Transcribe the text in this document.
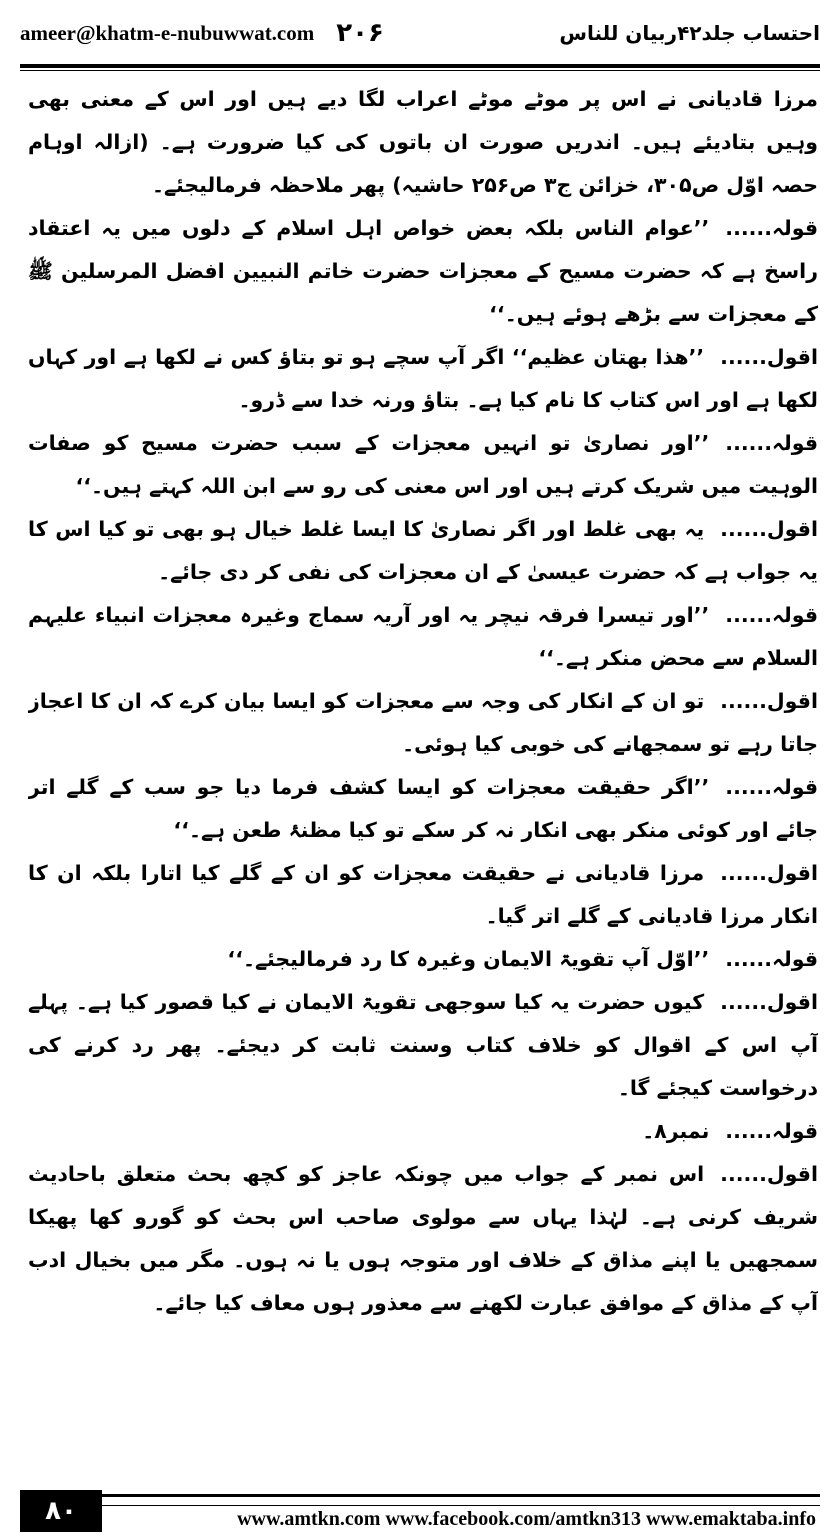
ameer@khatm-e-nubuwwat.com ۲۰۶	احتساب جلد۴۲ربیان للناس

مرزا قادیانی نے اس پر موٹے موٹے اعراب لگا دیے ہیں اور اس کے معنی بھی وہیں بتادیئے ہیں۔ اندریں صورت ان باتوں کی کیا ضرورت ہے۔ (ازالہ اوہام حصہ اوّل ص۳۰۵، خزائن ج۳ ص۲۵۶ حاشیہ) پھر ملاحظہ فرمالیجئے۔

قولہ......’’عوام الناس بلکہ بعض خواص اہل اسلام کے دلوں میں یہ اعتقاد راسخ ہے کہ حضرت مسیح کے معجزات حضرت خاتم النبیین افضل المرسلین ﷺ کے معجزات سے بڑھے ہوئے ہیں۔‘‘

اقول......’’ھذا بھتان عظیم‘‘ اگر آپ سچے ہو تو بتاؤ کس نے لکھا ہے اور کہاں لکھا ہے اور اس کتاب کا نام کیا ہے۔ بتاؤ ورنہ خدا سے ڈرو۔

قولہ......’’اور نصاریٰ تو انہیں معجزات کے سبب حضرت مسیح کو صفات الوہیت میں شریک کرتے ہیں اور اس معنی کی رو سے ابن اللہ کہتے ہیں۔‘‘

اقول......یہ بھی غلط اور اگر نصاریٰ کا ایسا غلط خیال ہو بھی تو کیا اس کا یہ جواب ہے کہ حضرت عیسیٰ کے ان معجزات کی نفی کر دی جائے۔

قولہ......’’اور تیسرا فرقہ نیچر یہ اور آریہ سماج وغیرہ معجزات انبیاء علیہم السلام سے محض منکر ہے۔‘‘

اقول......تو ان کے انکار کی وجہ سے معجزات کو ایسا بیان کرے کہ ان کا اعجاز جاتا رہے تو سمجھانے کی خوبی کیا ہوئی۔

قولہ......’’اگر حقیقت معجزات کو ایسا کشف فرما دیا جو سب کے گلے اتر جائے اور کوئی منکر بھی انکار نہ کر سکے تو کیا مظنۂ طعن ہے۔‘‘

اقول......مرزا قادیانی نے حقیقت معجزات کو ان کے گلے کیا اتارا بلکہ ان کا انکار مرزا قادیانی کے گلے اتر گیا۔

قولہ......’’اوّل آپ تقویۃ الایمان وغیرہ کا رد فرمالیجئے۔‘‘

اقول......کیوں حضرت یہ کیا سوجھی تقویۃ الایمان نے کیا قصور کیا ہے۔ پہلے آپ اس کے اقوال کو خلاف کتاب وسنت ثابت کر دیجئے۔ پھر رد کرنے کی درخواست کیجئے گا۔

قولہ......نمبر۸۔

اقول......اس نمبر کے جواب میں چونکہ عاجز کو کچھ بحث متعلق باحادیث شریف کرنی ہے۔ لہٰذا یہاں سے مولوی صاحب اس بحث کو گورو کھا پھیکا سمجھیں یا اپنے مذاق کے خلاف اور متوجہ ہوں یا نہ ہوں۔ مگر میں بخیال ادب آپ کے مذاق کے موافق عبارت لکھنے سے معذور ہوں معاف کیا جائے۔

۸۰	www.amtkn.com www.facebook.com/amtkn313 www.emaktaba.info
